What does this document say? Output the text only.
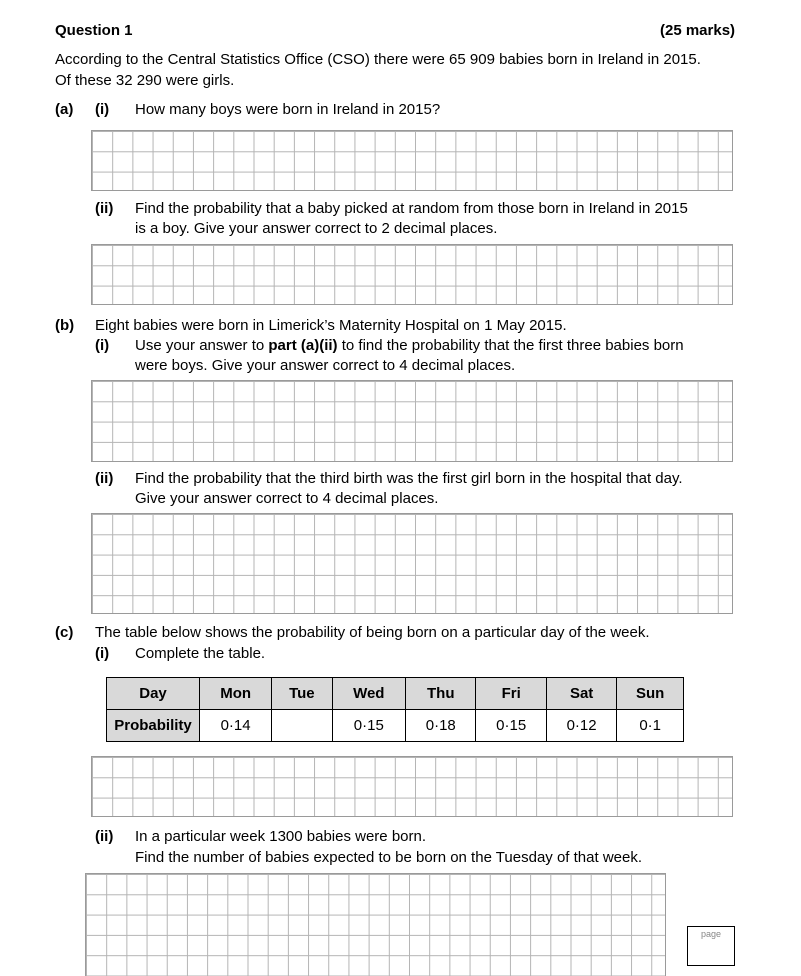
Question 1	(25 marks)
According to the Central Statistics Office (CSO) there were 65 909 babies born in Ireland in 2015.
Of these 32 290 were girls.
(a) (i) How many boys were born in Ireland in 2015?
(ii) Find the probability that a baby picked at random from those born in Ireland in 2015
is a boy. Give your answer correct to 2 decimal places.
(b) Eight babies were born in Limerick’s Maternity Hospital on 1 May 2015.
(i) Use your answer to part (a)(ii) to find the probability that the first three babies born
were boys. Give your answer correct to 4 decimal places.
(ii) Find the probability that the third birth was the first girl born in the hospital that day.
Give your answer correct to 4 decimal places.
(c) The table below shows the probability of being born on a particular day of the week.
(i) Complete the table.
Day	Mon	Tue	Wed	Thu	Fri	Sat	Sun
Probability	0·14		0·15	0·18	0·15	0·12	0·1
(ii) In a particular week 1300 babies were born.
Find the number of babies expected to be born on the Tuesday of that week.
page
